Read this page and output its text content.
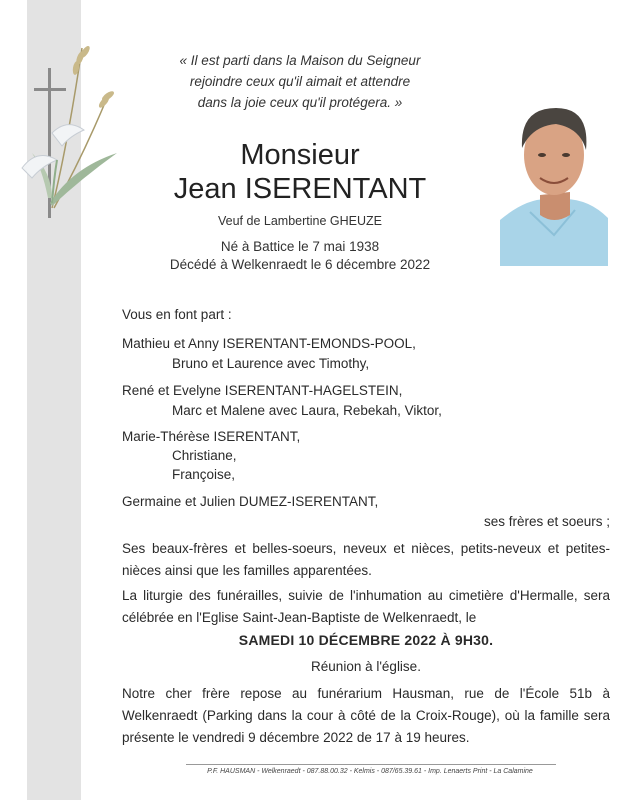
« Il est parti dans la Maison du Seigneur
rejoindre ceux qu'il aimait et attendre
dans la joie ceux qu'il protégera. »
Monsieur
Jean ISERENTANT
Veuf de Lambertine GHEUZE
Né à Battice le 7 mai 1938
Décédé à Welkenraedt le 6 décembre 2022
Vous en font part :
Mathieu et Anny ISERENTANT-EMONDS-POOL,
Bruno et Laurence avec Timothy,
René et Evelyne ISERENTANT-HAGELSTEIN,
Marc et Malene avec Laura, Rebekah, Viktor,
Marie-Thérèse ISERENTANT,
Christiane,
Françoise,
Germaine et Julien DUMEZ-ISERENTANT,
ses frères et soeurs ;
Ses beaux-frères et belles-soeurs, neveux et nièces, petits-neveux et petites-nièces ainsi que les familles apparentées.
La liturgie des funérailles, suivie de l'inhumation au cimetière d'Hermalle, sera célébrée en l'Eglise Saint-Jean-Baptiste de Welkenraedt, le
SAMEDI 10 DÉCEMBRE 2022 À 9H30.
Réunion à l'église.
Notre cher frère repose au funérarium Hausman, rue de l'École 51b à Welkenraedt (Parking dans la cour à côté de la Croix-Rouge), où la famille sera présente le vendredi 9 décembre 2022 de 17 à 19 heures.
P.F. HAUSMAN - Welkenraedt - 087.88.00.32 - Kelmis - 087/65.39.61 - Imp. Lenaerts Print - La Calamine
